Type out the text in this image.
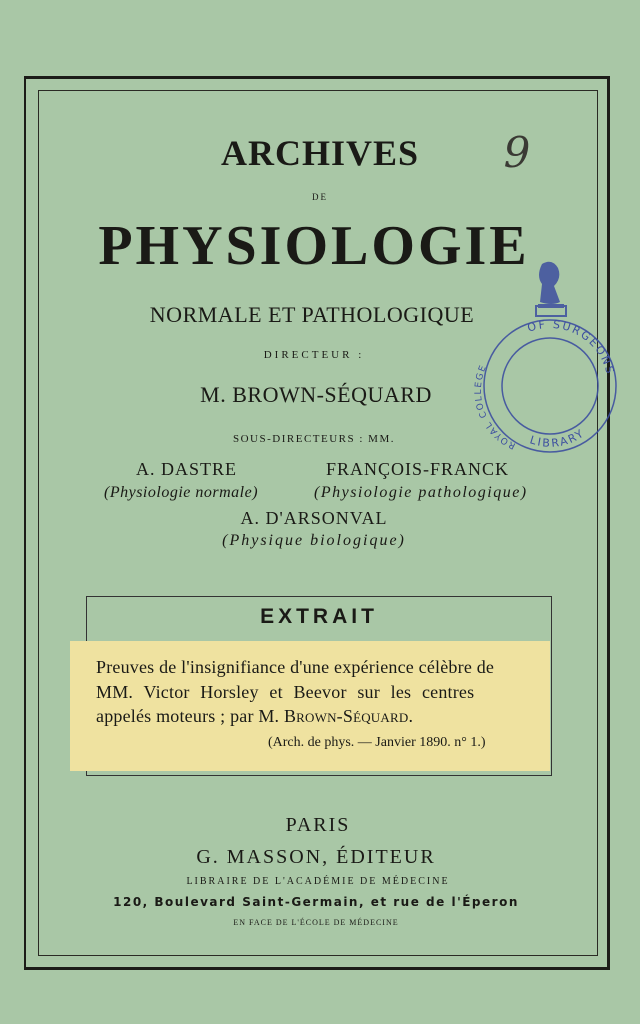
9
OF SURGEONS
ROYAL COLLEGE
LIBRARY
ARCHIVES
DE
PHYSIOLOGIE
NORMALE ET PATHOLOGIQUE
DIRECTEUR :
M. BROWN-SÉQUARD
SOUS-DIRECTEURS : MM.
A. DASTRE
(Physiologie normale)
FRANÇOIS-FRANCK
(Physiologie pathologique)
A. D'ARSONVAL
(Physique biologique)
EXTRAIT
Preuves de l'insignifiance d'une expérience célèbre de
MM. Victor Horsley et Beevor sur les centres
appelés moteurs ; par M. Brown-Séquard.
(Arch. de phys. — Janvier 1890. n° 1.)
PARIS
G. MASSON, ÉDITEUR
LIBRAIRE DE L'ACADÉMIE DE MÉDECINE
120, Boulevard Saint-Germain, et rue de l'Éperon
EN FACE DE L'ÉCOLE DE MÉDECINE
